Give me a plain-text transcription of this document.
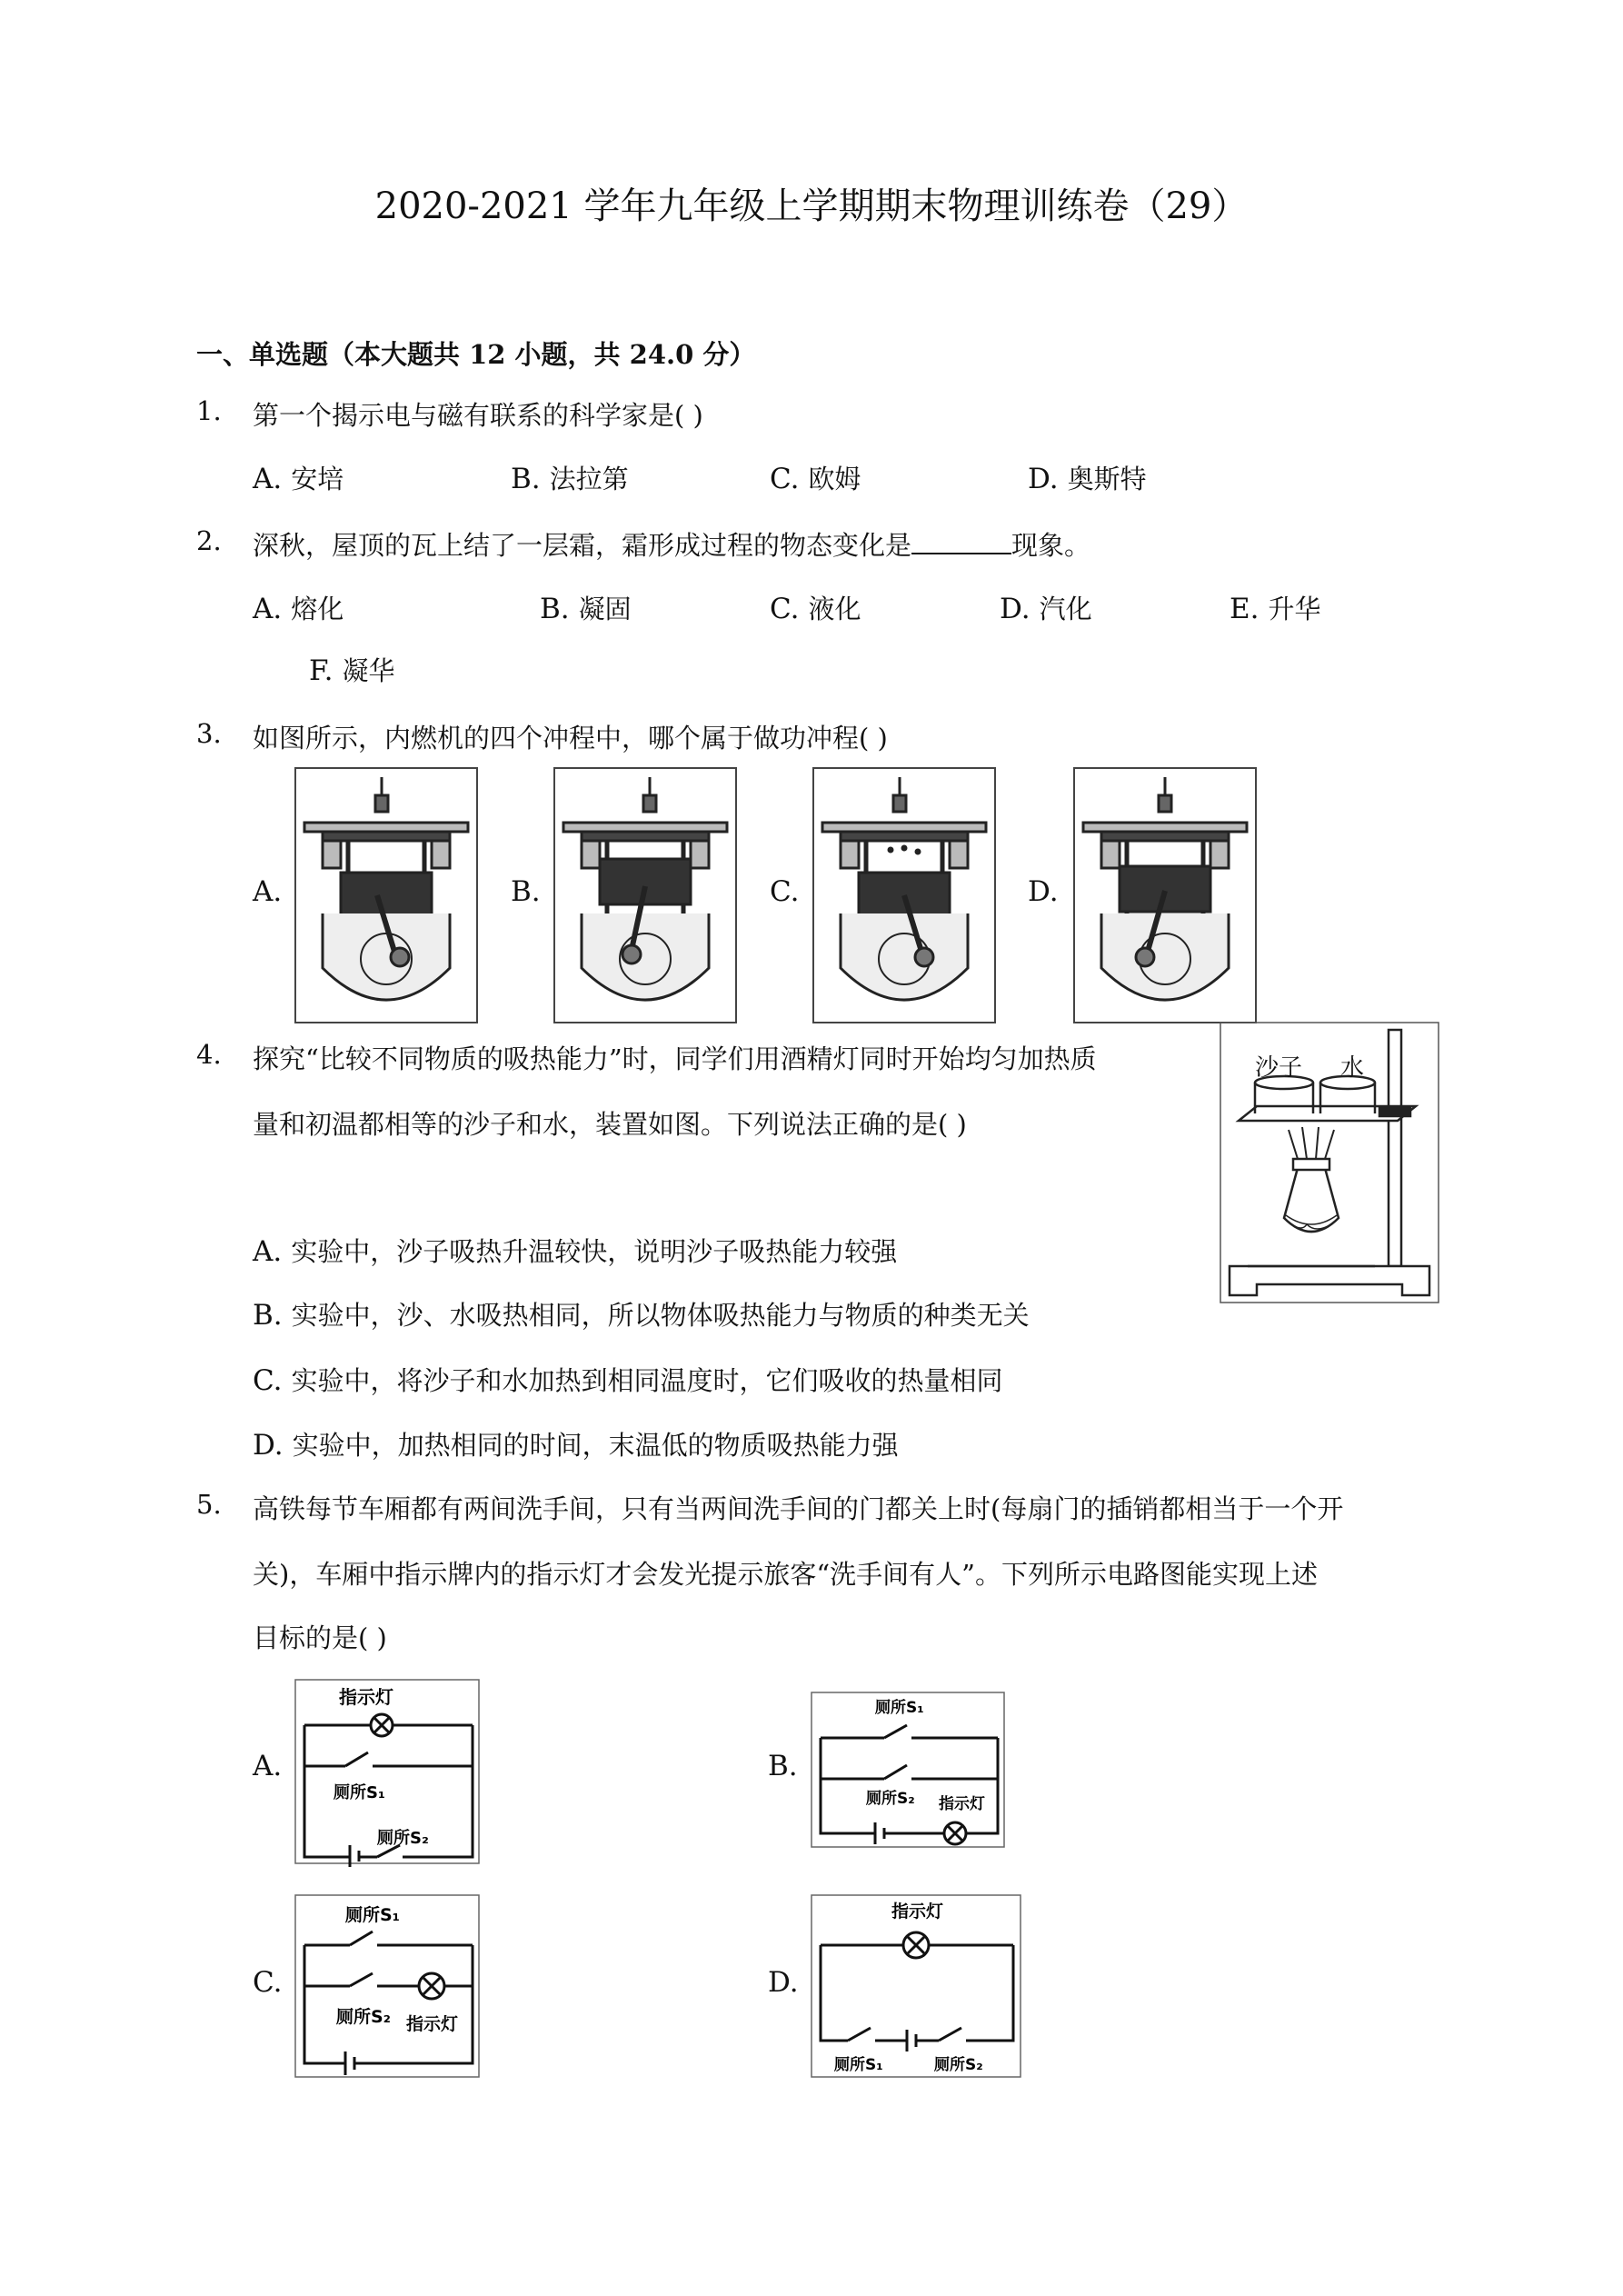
2020-2021 学年九年级上学期期末物理训练卷（29）
一、单选题（本大题共 12 小题，共 24.0 分）
1. 第一个揭示电与磁有联系的科学家是( )
A. 安培	B. 法拉第	C. 欧姆	D. 奥斯特
2. 深秋，屋顶的瓦上结了一层霜，霜形成过程的物态变化是	现象。
A. 熔化	B. 凝固	C. 液化	D. 汽化	E. 升华
F. 凝华
3. 如图所示，内燃机的四个冲程中，哪个属于做功冲程( )
A.	B.	C.	D.
4. 探究“比较不同物质的吸热能力”时，同学们用酒精灯同时开始均匀加热质
量和初温都相等的沙子和水，装置如图。下列说法正确的是( )
沙子 水
A. 实验中，沙子吸热升温较快，说明沙子吸热能力较强
B. 实验中，沙、水吸热相同，所以物体吸热能力与物质的种类无关
C. 实验中，将沙子和水加热到相同温度时，它们吸收的热量相同
D. 实验中，加热相同的时间，末温低的物质吸热能力强
5. 高铁每节车厢都有两间洗手间，只有当两间洗手间的门都关上时(每扇门的插销都相当于一个开
关)，车厢中指示牌内的指示灯才会发光提示旅客“洗手间有人”。下列所示电路图能实现上述
目标的是( )
A.	B.
C.	D.
指示灯
厕所S₁
厕所S₂
厕所S₁
厕所S₂ 指示灯
厕所S₁
厕所S₂ 指示灯
指示灯
厕所S₁	厕所S₂
